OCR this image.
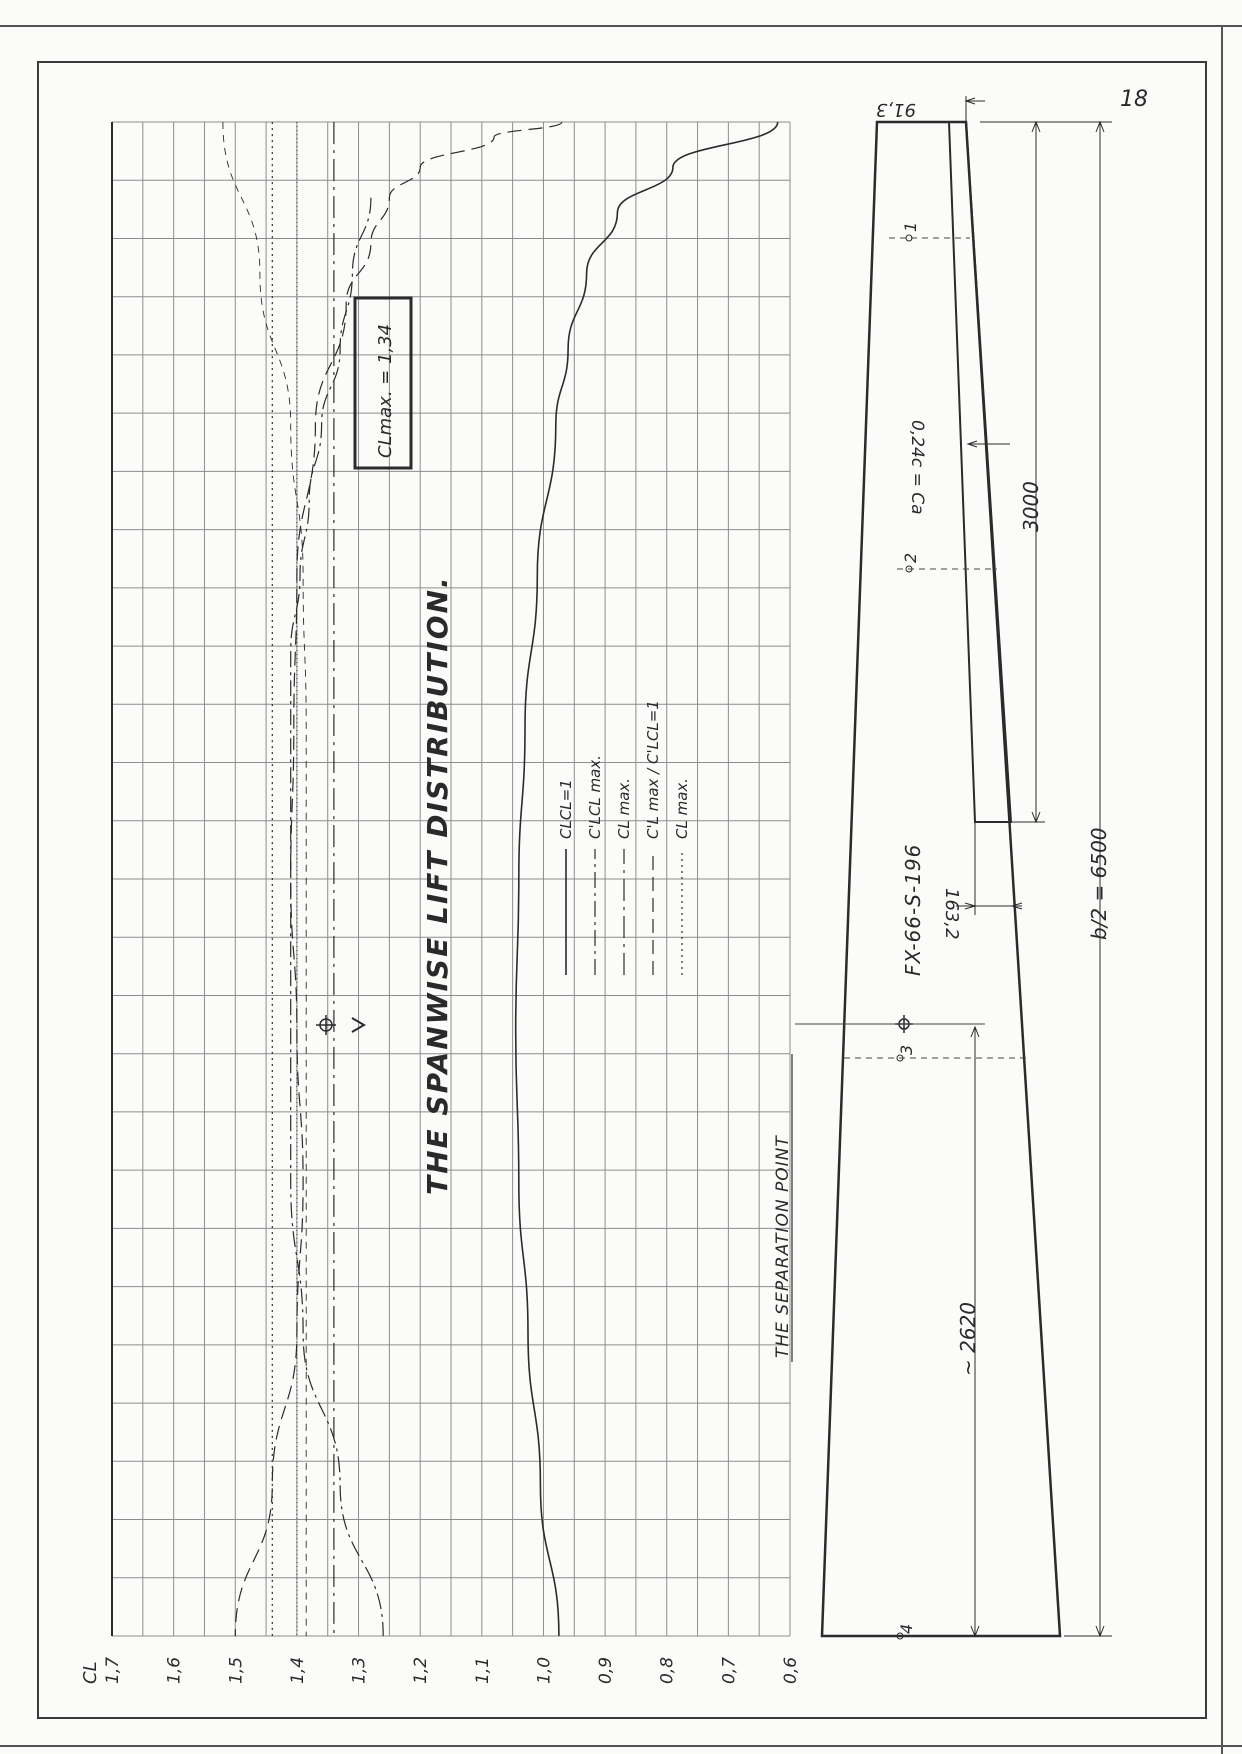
18
1,7 1,6 1,5 1,4 1,3 1,2 1,1 1,0 0,9 0,8 0,7 0,6
CL
THE SPANWISE LIFT DISTRIBUTION.
CLmax. = 1,34
CLCL=1 C'LCL max. CL max. C'L max / C'LCL=1 CL max.
1
2
3
4
THE SEPARATION POINT
FX-66-S-196
91,3
0,24c = Ca	3000
163,2	b/2 = 6500
~ 2620
